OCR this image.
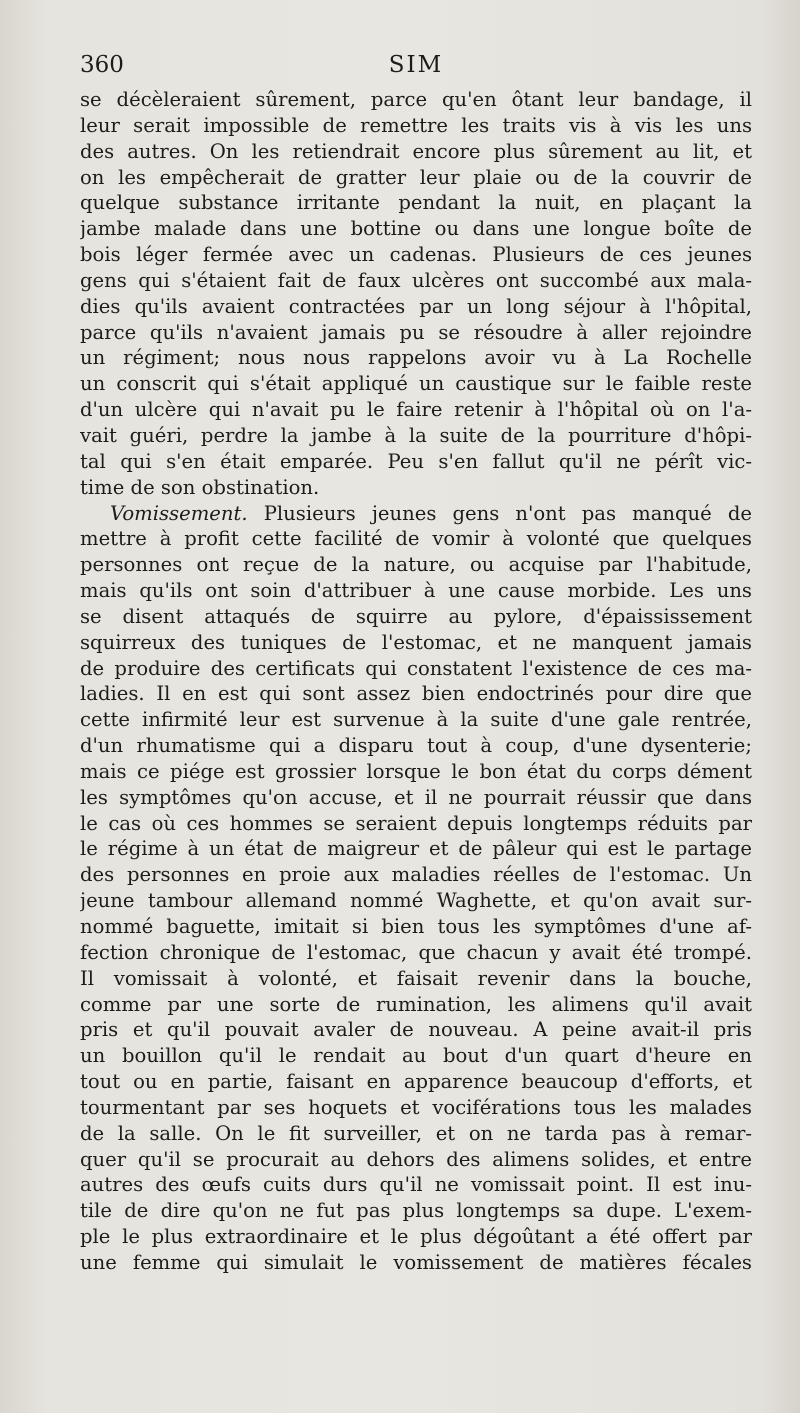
360	SIM
se décèleraient sûrement, parce qu'en ôtant leur bandage, il
leur serait impossible de remettre les traits vis à vis les uns
des autres. On les retiendrait encore plus sûrement au lit, et
on les empêcherait de gratter leur plaie ou de la couvrir de
quelque substance irritante pendant la nuit, en plaçant la
jambe malade dans une bottine ou dans une longue boîte de
bois léger fermée avec un cadenas. Plusieurs de ces jeunes
gens qui s'étaient fait de faux ulcères ont succombé aux mala-
dies qu'ils avaient contractées par un long séjour à l'hôpital,
parce qu'ils n'avaient jamais pu se résoudre à aller rejoindre
un régiment; nous nous rappelons avoir vu à La Rochelle
un conscrit qui s'était appliqué un caustique sur le faible reste
d'un ulcère qui n'avait pu le faire retenir à l'hôpital où on l'a-
vait guéri, perdre la jambe à la suite de la pourriture d'hôpi-
tal qui s'en était emparée. Peu s'en fallut qu'il ne pérît vic-
time de son obstination.
Vomissement. Plusieurs jeunes gens n'ont pas manqué de
mettre à profit cette facilité de vomir à volonté que quelques
personnes ont reçue de la nature, ou acquise par l'habitude,
mais qu'ils ont soin d'attribuer à une cause morbide. Les uns
se disent attaqués de squirre au pylore, d'épaississement
squirreux des tuniques de l'estomac, et ne manquent jamais
de produire des certificats qui constatent l'existence de ces ma-
ladies. Il en est qui sont assez bien endoctrinés pour dire que
cette infirmité leur est survenue à la suite d'une gale rentrée,
d'un rhumatisme qui a disparu tout à coup, d'une dysenterie;
mais ce piége est grossier lorsque le bon état du corps dément
les symptômes qu'on accuse, et il ne pourrait réussir que dans
le cas où ces hommes se seraient depuis longtemps réduits par
le régime à un état de maigreur et de pâleur qui est le partage
des personnes en proie aux maladies réelles de l'estomac. Un
jeune tambour allemand nommé Waghette, et qu'on avait sur-
nommé baguette, imitait si bien tous les symptômes d'une af-
fection chronique de l'estomac, que chacun y avait été trompé.
Il vomissait à volonté, et faisait revenir dans la bouche,
comme par une sorte de rumination, les alimens qu'il avait
pris et qu'il pouvait avaler de nouveau. A peine avait-il pris
un bouillon qu'il le rendait au bout d'un quart d'heure en
tout ou en partie, faisant en apparence beaucoup d'efforts, et
tourmentant par ses hoquets et vociférations tous les malades
de la salle. On le fit surveiller, et on ne tarda pas à remar-
quer qu'il se procurait au dehors des alimens solides, et entre
autres des œufs cuits durs qu'il ne vomissait point. Il est inu-
tile de dire qu'on ne fut pas plus longtemps sa dupe. L'exem-
ple le plus extraordinaire et le plus dégoûtant a été offert par
une femme qui simulait le vomissement de matières fécales
